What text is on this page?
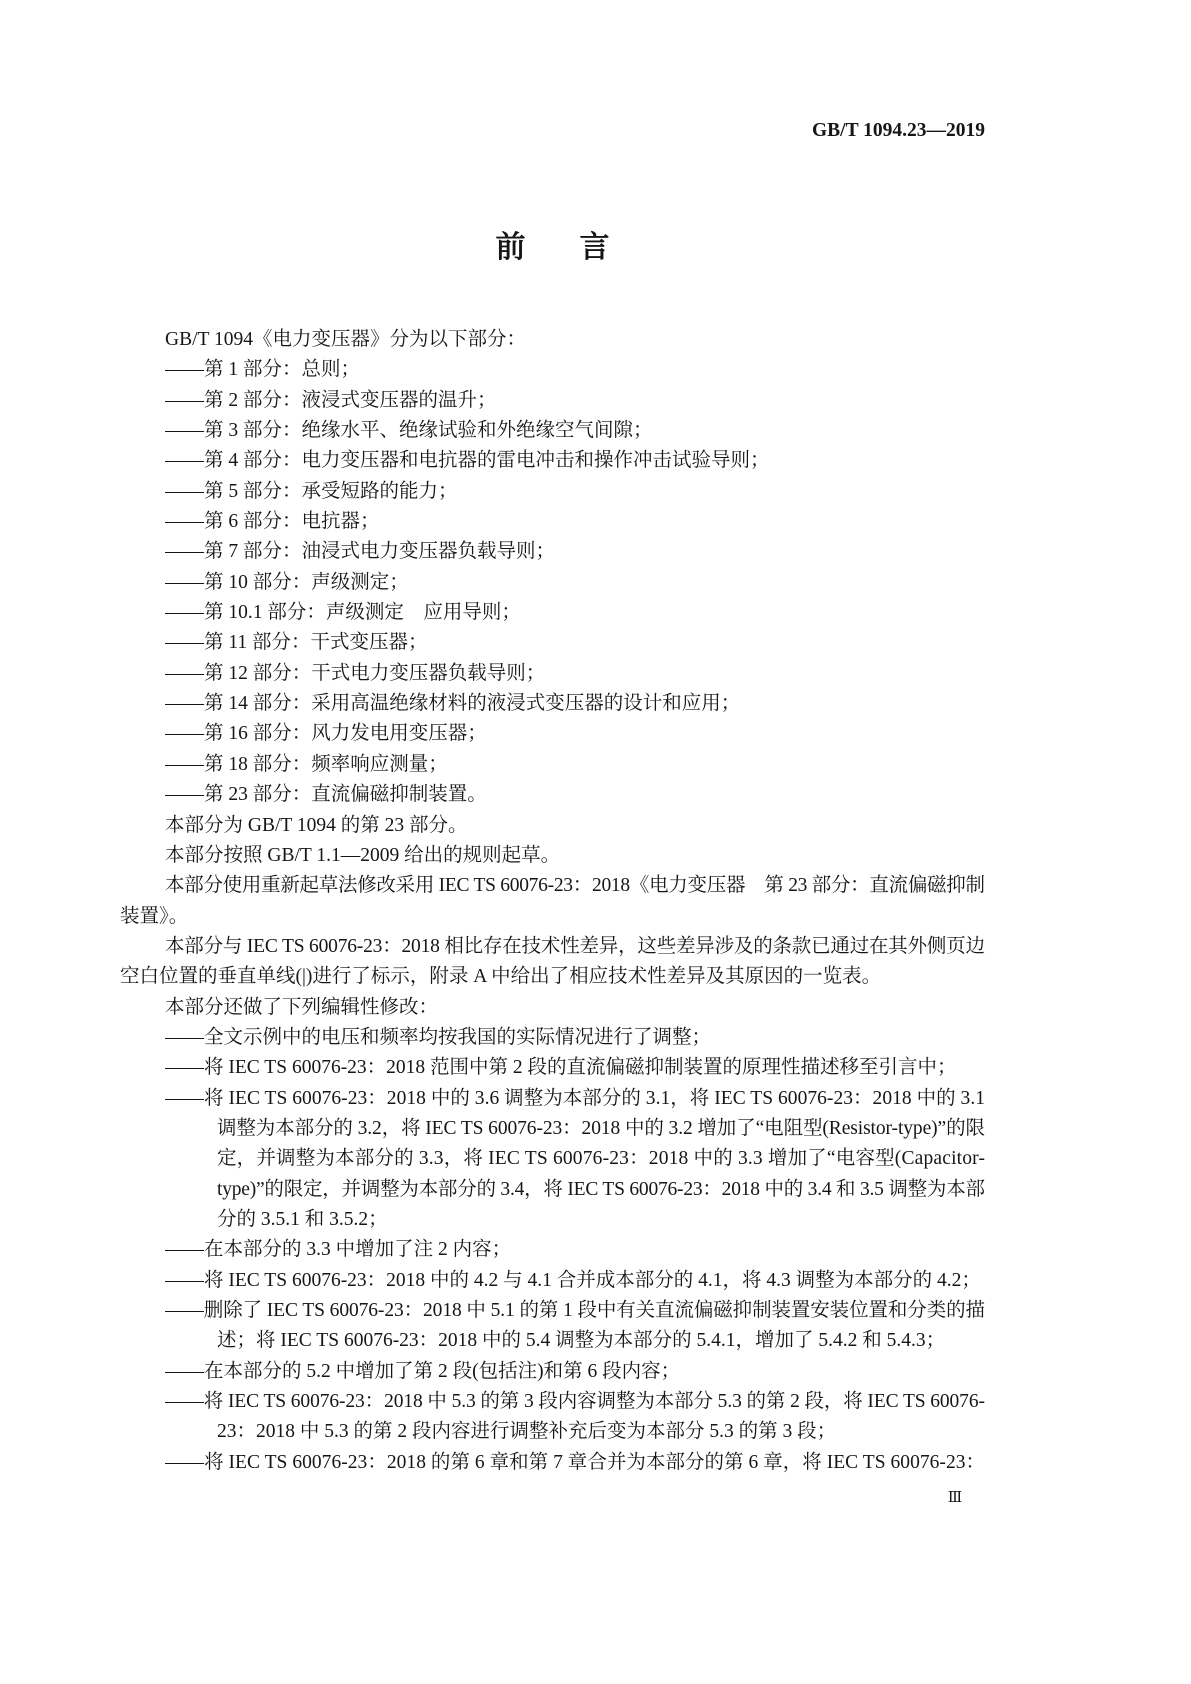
GB/T 1094.23—2019
前　言
GB/T 1094《电力变压器》分为以下部分：
——第 1 部分：总则；
——第 2 部分：液浸式变压器的温升；
——第 3 部分：绝缘水平、绝缘试验和外绝缘空气间隙；
——第 4 部分：电力变压器和电抗器的雷电冲击和操作冲击试验导则；
——第 5 部分：承受短路的能力；
——第 6 部分：电抗器；
——第 7 部分：油浸式电力变压器负载导则；
——第 10 部分：声级测定；
——第 10.1 部分：声级测定　应用导则；
——第 11 部分：干式变压器；
——第 12 部分：干式电力变压器负载导则；
——第 14 部分：采用高温绝缘材料的液浸式变压器的设计和应用；
——第 16 部分：风力发电用变压器；
——第 18 部分：频率响应测量；
——第 23 部分：直流偏磁抑制装置。
本部分为 GB/T 1094 的第 23 部分。
本部分按照 GB/T 1.1—2009 给出的规则起草。
本部分使用重新起草法修改采用 IEC TS 60076-23：2018《电力变压器　第 23 部分：直流偏磁抑制
装置》。
本部分与 IEC TS 60076-23：2018 相比存在技术性差异，这些差异涉及的条款已通过在其外侧页边
空白位置的垂直单线(|)进行了标示，附录 A 中给出了相应技术性差异及其原因的一览表。
本部分还做了下列编辑性修改：
——全文示例中的电压和频率均按我国的实际情况进行了调整；
——将 IEC TS 60076-23：2018 范围中第 2 段的直流偏磁抑制装置的原理性描述移至引言中；
——将 IEC TS 60076-23：2018 中的 3.6 调整为本部分的 3.1，将 IEC TS 60076-23：2018 中的 3.1
调整为本部分的 3.2，将 IEC TS 60076-23：2018 中的 3.2 增加了“电阻型(Resistor-type)”的限
定，并调整为本部分的 3.3，将 IEC TS 60076-23：2018 中的 3.3 增加了“电容型(Capacitor-
type)”的限定，并调整为本部分的 3.4，将 IEC TS 60076-23：2018 中的 3.4 和 3.5 调整为本部
分的 3.5.1 和 3.5.2；
——在本部分的 3.3 中增加了注 2 内容；
——将 IEC TS 60076-23：2018 中的 4.2 与 4.1 合并成本部分的 4.1，将 4.3 调整为本部分的 4.2；
——删除了 IEC TS 60076-23：2018 中 5.1 的第 1 段中有关直流偏磁抑制装置安装位置和分类的描
述；将 IEC TS 60076-23：2018 中的 5.4 调整为本部分的 5.4.1，增加了 5.4.2 和 5.4.3；
——在本部分的 5.2 中增加了第 2 段(包括注)和第 6 段内容；
——将 IEC TS 60076-23：2018 中 5.3 的第 3 段内容调整为本部分 5.3 的第 2 段，将 IEC TS 60076-
23：2018 中 5.3 的第 2 段内容进行调整补充后变为本部分 5.3 的第 3 段；
——将 IEC TS 60076-23：2018 的第 6 章和第 7 章合并为本部分的第 6 章，将 IEC TS 60076-23：
Ⅲ
